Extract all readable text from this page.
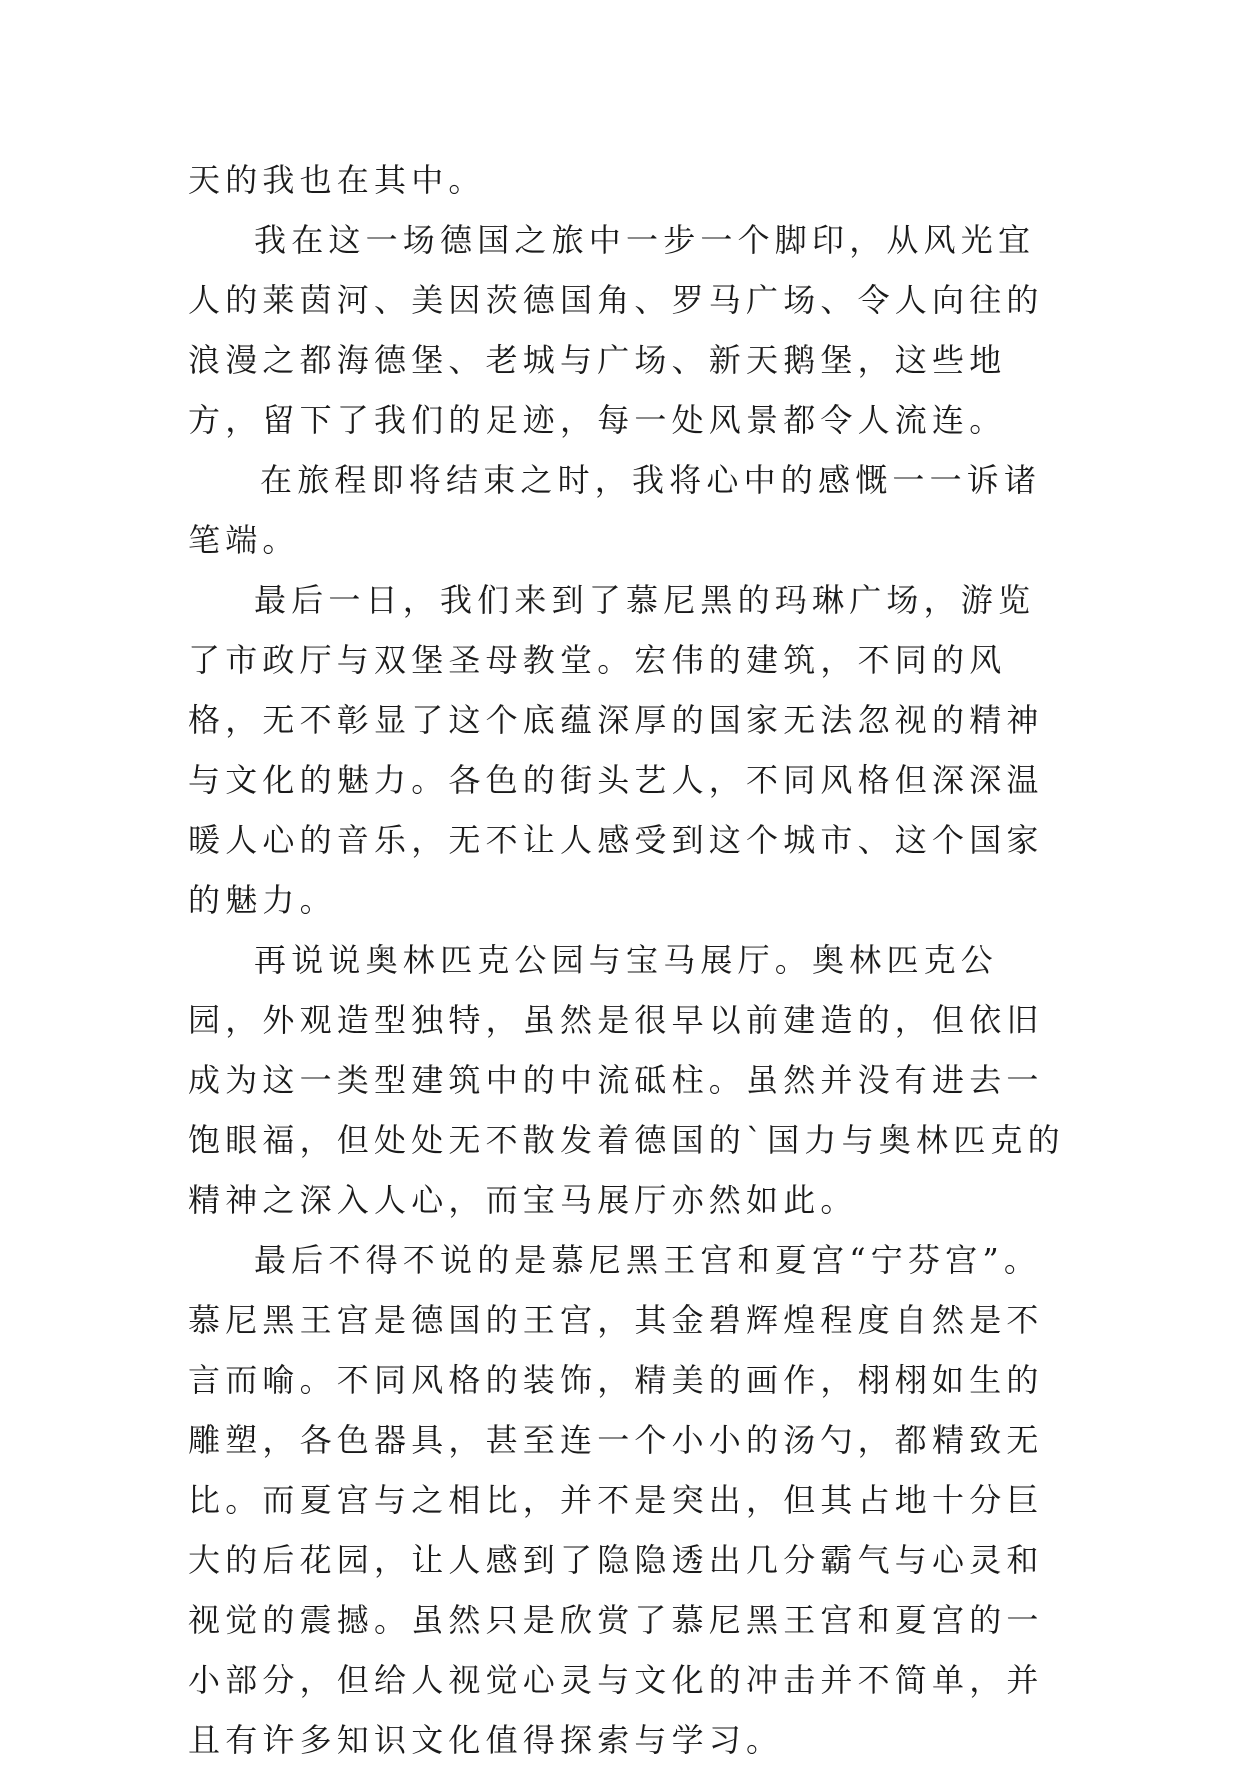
天的我也在其中。

我在这一场德国之旅中一步一个脚印，从风光宜人的莱茵河、美因茨德国角、罗马广场、令人向往的浪漫之都海德堡、老城与广场、新天鹅堡，这些地方，留下了我们的足迹，每一处风景都令人流连。

在旅程即将结束之时，我将心中的感慨一一诉诸笔端。

最后一日，我们来到了慕尼黑的玛琳广场，游览了市政厅与双堡圣母教堂。宏伟的建筑，不同的风格，无不彰显了这个底蕴深厚的国家无法忽视的精神与文化的魅力。各色的街头艺人，不同风格但深深温暖人心的音乐，无不让人感受到这个城市、这个国家的魅力。

再说说奥林匹克公园与宝马展厅。奥林匹克公园，外观造型独特，虽然是很早以前建造的，但依旧成为这一类型建筑中的中流砥柱。虽然并没有进去一饱眼福，但处处无不散发着德国的`国力与奥林匹克的精神之深入人心，而宝马展厅亦然如此。

最后不得不说的是慕尼黑王宫和夏宫“宁芬宫”。慕尼黑王宫是德国的王宫，其金碧辉煌程度自然是不言而喻。不同风格的装饰，精美的画作，栩栩如生的雕塑，各色器具，甚至连一个小小的汤勺，都精致无比。而夏宫与之相比，并不是突出，但其占地十分巨大的后花园，让人感到了隐隐透出几分霸气与心灵和视觉的震撼。虽然只是欣赏了慕尼黑王宫和夏宫的一小部分，但给人视觉心灵与文化的冲击并不简单，并且有许多知识文化值得探索与学习。
